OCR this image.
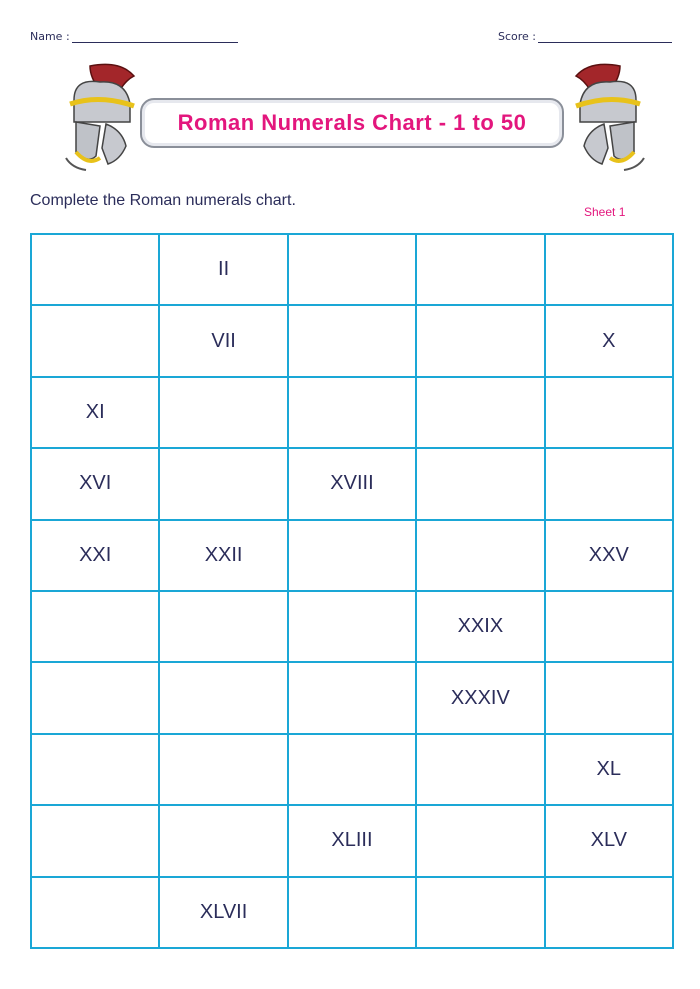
Name :	Score :
Roman Numerals Chart - 1 to 50
Complete the Roman numerals chart.
Sheet 1
	II			
	VII			X
XI				
XVI		XVIII		
XXI	XXII			XXV
			XXIX	
			XXXIV	
				XL
		XLIII		XLV
	XLVII			
